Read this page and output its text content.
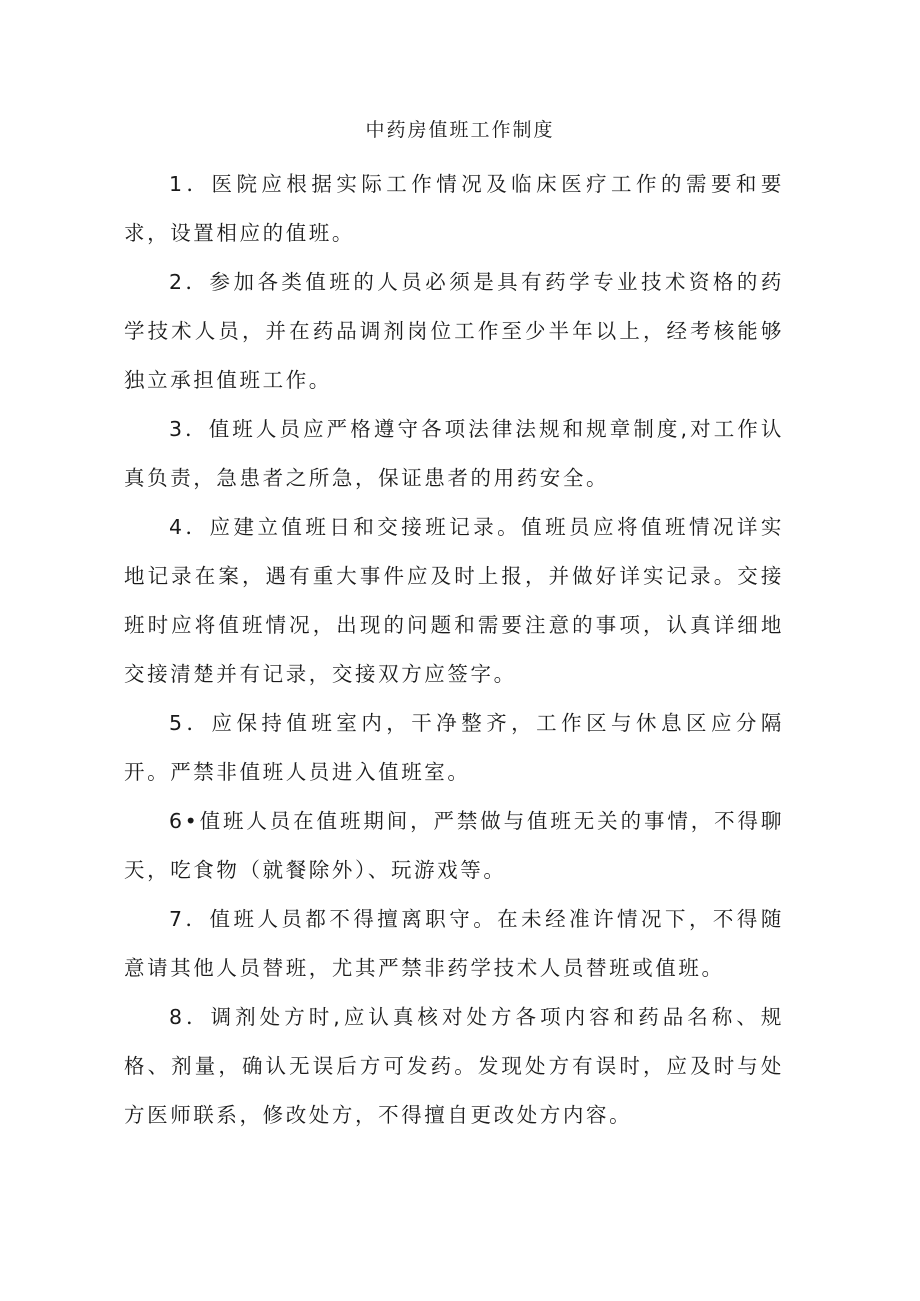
中药房值班工作制度

1．医院应根据实际工作情况及临床医疗工作的需要和要求，设置相应的值班。

2．参加各类值班的人员必须是具有药学专业技术资格的药学技术人员，并在药品调剂岗位工作至少半年以上，经考核能够独立承担值班工作。

3．值班人员应严格遵守各项法律法规和规章制度,对工作认真负责，急患者之所急，保证患者的用药安全。

4．应建立值班日和交接班记录。值班员应将值班情况详实地记录在案，遇有重大事件应及时上报，并做好详实记录。交接班时应将值班情况，出现的问题和需要注意的事项，认真详细地交接清楚并有记录，交接双方应签字。

5．应保持值班室内，干净整齐，工作区与休息区应分隔开。严禁非值班人员进入值班室。

6•值班人员在值班期间，严禁做与值班无关的事情，不得聊天，吃食物（就餐除外）、玩游戏等。

7．值班人员都不得擅离职守。在未经准许情况下，不得随意请其他人员替班，尤其严禁非药学技术人员替班或值班。

8．调剂处方时,应认真核对处方各项内容和药品名称、规格、剂量，确认无误后方可发药。发现处方有误时，应及时与处方医师联系，修改处方，不得擅自更改处方内容。
